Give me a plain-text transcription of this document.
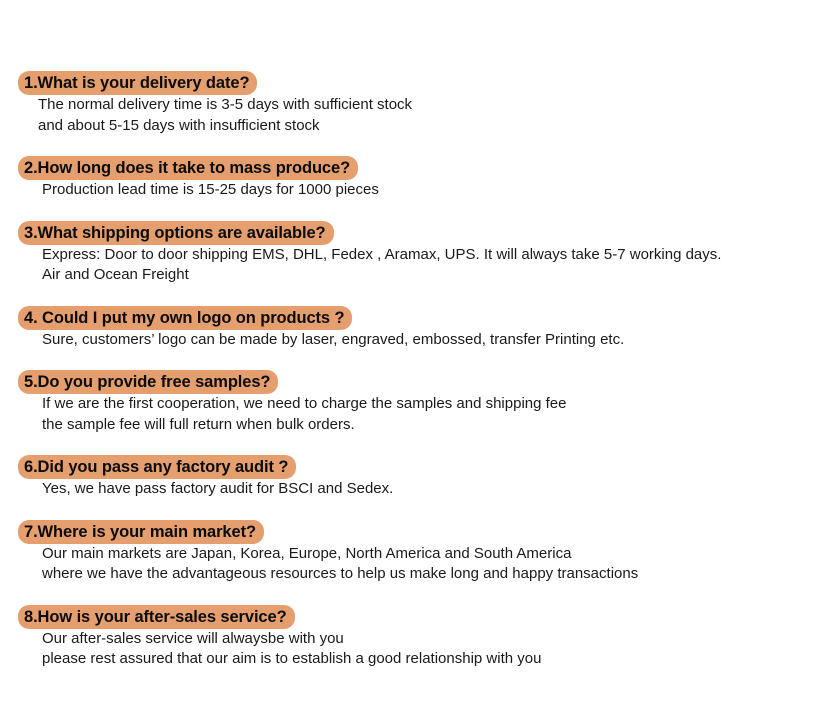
1.What is your delivery date?

The normal delivery time is 3-5 days with sufficient stock
and about 5-15 days with insufficient stock

2.How long does it take to mass produce?

Production lead time is 15-25 days for 1000 pieces

3.What shipping options are available?

Express: Door to door shipping EMS, DHL, Fedex , Aramax, UPS. It will always take 5-7 working days.
Air and Ocean Freight

4. Could I put my own logo on products ?

Sure, customers’ logo can be made by laser, engraved, embossed, transfer Printing etc.

5.Do you provide free samples?

If we are the first cooperation, we need to charge the samples and shipping fee
the sample fee will full return when bulk orders.

6.Did you pass any factory audit ?

Yes, we have pass factory audit for BSCI and Sedex.

7.Where is your main market?

Our main markets are Japan, Korea, Europe, North America and South America
where we have the advantageous resources to help us make long and happy transactions

8.How is your after-sales service?

Our after-sales service will alwaysbe with you
please rest assured that our aim is to establish a good relationship with you
